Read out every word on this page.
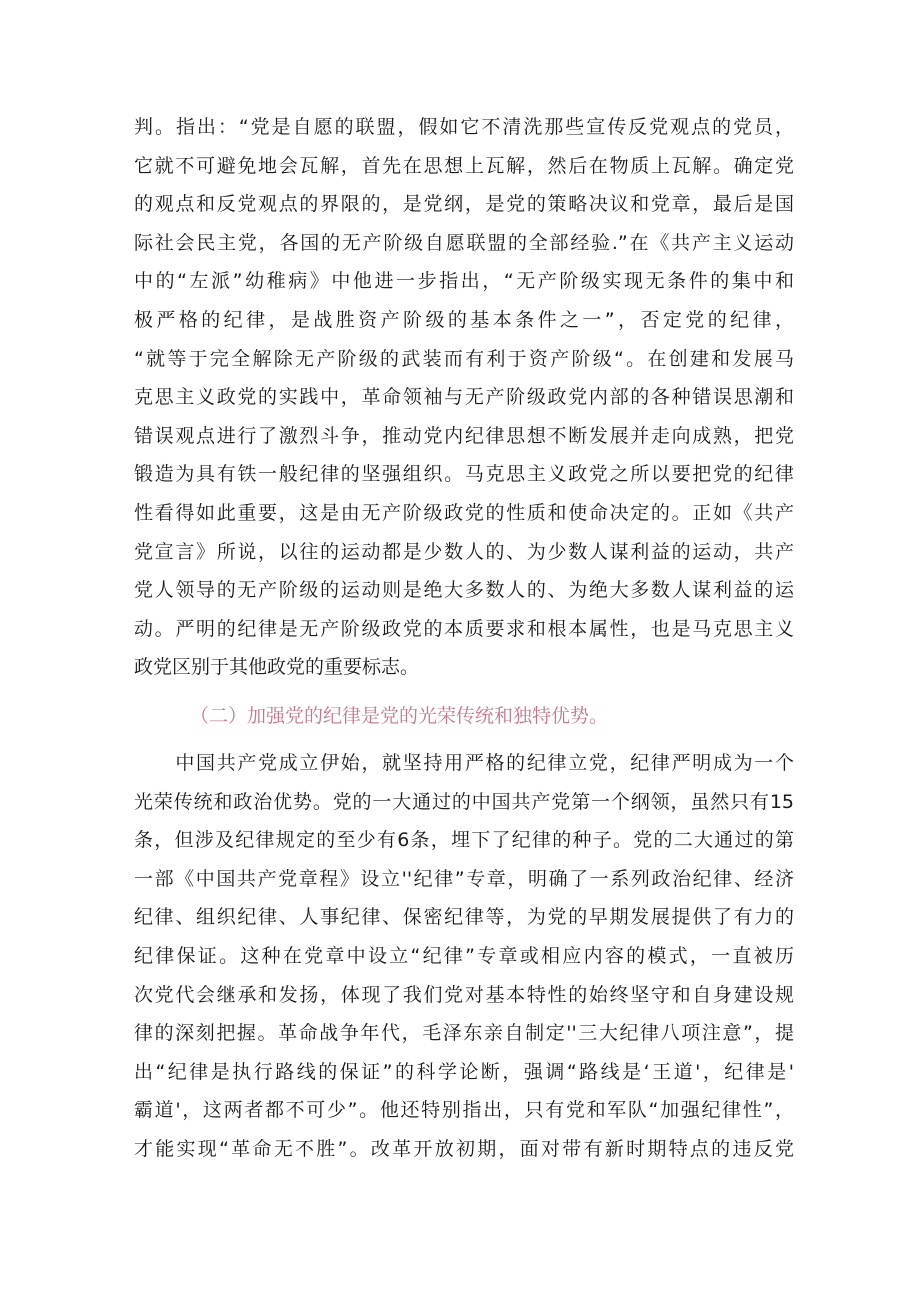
判。指出：“党是自愿的联盟，假如它不清洗那些宣传反党观点的党员，
它就不可避免地会瓦解，首先在思想上瓦解，然后在物质上瓦解。确定党
的观点和反党观点的界限的，是党纲，是党的策略决议和党章，最后是国
际社会民主党，各国的无产阶级自愿联盟的全部经验.”在《共产主义运动
中的“左派”幼稚病》中他进一步指出，“无产阶级实现无条件的集中和
极严格的纪律，是战胜资产阶级的基本条件之一”，否定党的纪律，
“就等于完全解除无产阶级的武装而有利于资产阶级“。在创建和发展马
克思主义政党的实践中，革命领袖与无产阶级政党内部的各种错误思潮和
错误观点进行了激烈斗争，推动党内纪律思想不断发展并走向成熟，把党
锻造为具有铁一般纪律的坚强组织。马克思主义政党之所以要把党的纪律
性看得如此重要，这是由无产阶级政党的性质和使命决定的。正如《共产
党宣言》所说，以往的运动都是少数人的、为少数人谋利益的运动，共产
党人领导的无产阶级的运动则是绝大多数人的、为绝大多数人谋利益的运
动。严明的纪律是无产阶级政党的本质要求和根本属性，也是马克思主义
政党区别于其他政党的重要标志。
（二）加强党的纪律是党的光荣传统和独特优势。
　　中国共产党成立伊始，就坚持用严格的纪律立党，纪律严明成为一个
光荣传统和政治优势。党的一大通过的中国共产党第一个纲领，虽然只有15
条，但涉及纪律规定的至少有6条，埋下了纪律的种子。党的二大通过的第
一部《中国共产党章程》设立''纪律”专章，明确了一系列政治纪律、经济
纪律、组织纪律、人事纪律、保密纪律等，为党的早期发展提供了有力的
纪律保证。这种在党章中设立“纪律”专章或相应内容的模式，一直被历
次党代会继承和发扬，体现了我们党对基本特性的始终坚守和自身建设规
律的深刻把握。革命战争年代，毛泽东亲自制定''三大纪律八项注意”，提
出“纪律是执行路线的保证”的科学论断，强调“路线是‘王道'，纪律是'
霸道'，这两者都不可少”。他还特别指出，只有党和军队“加强纪律性”，
才能实现“革命无不胜”。改革开放初期，面对带有新时期特点的违反党
